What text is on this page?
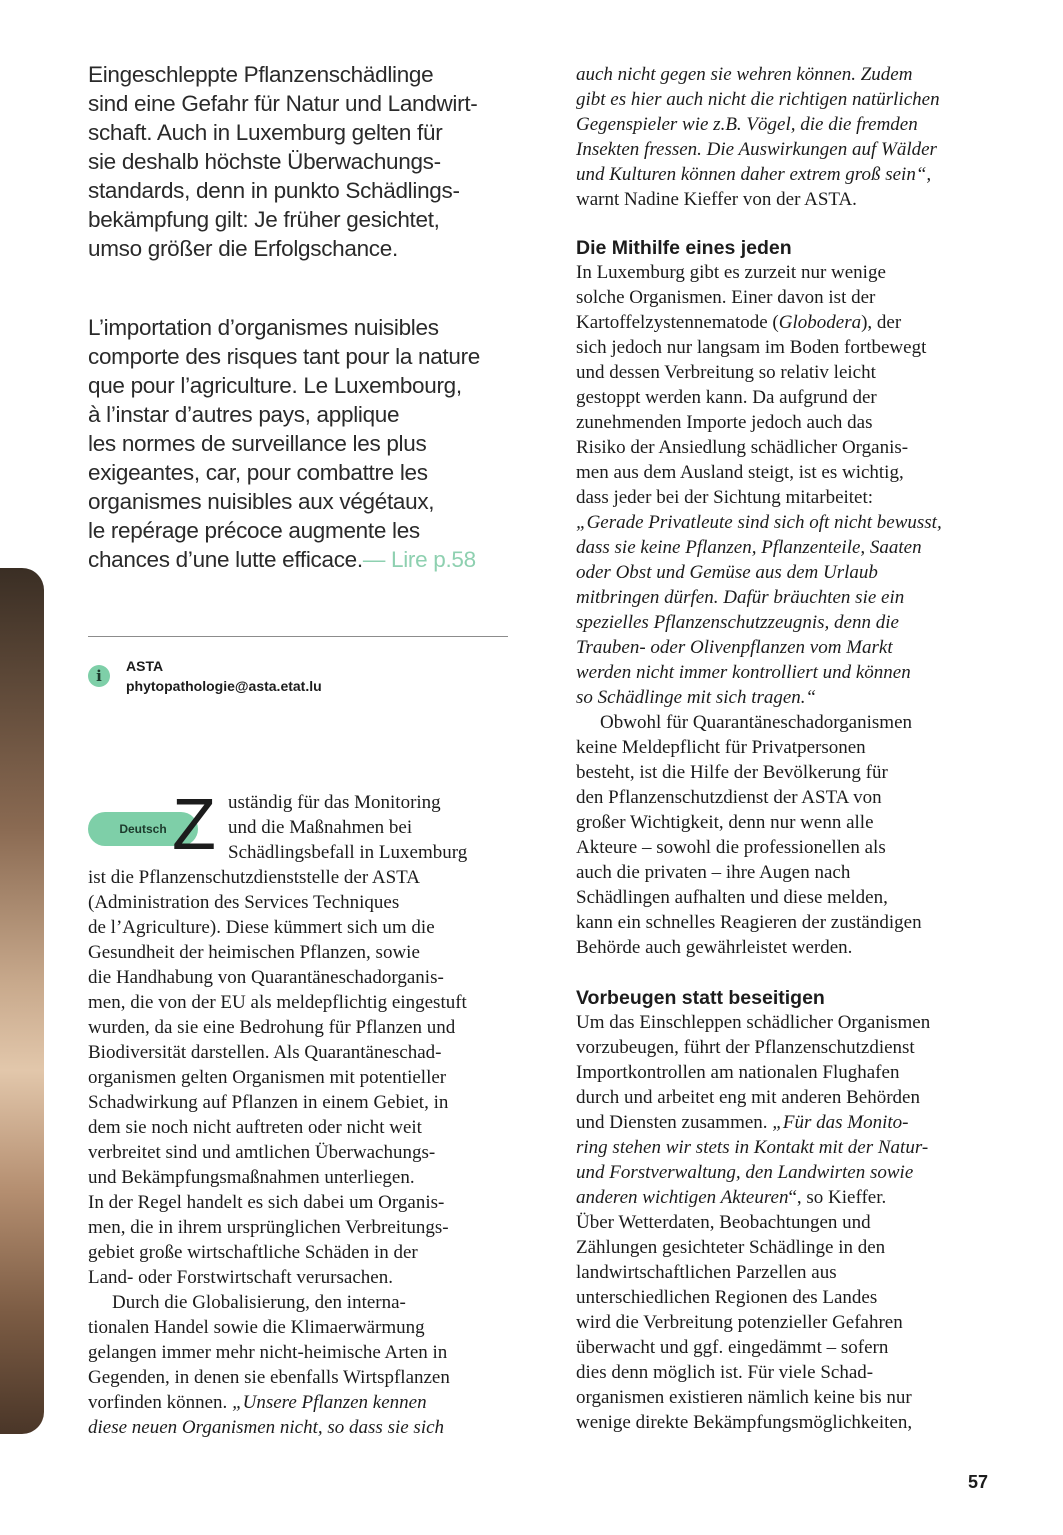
Eingeschleppte Pflanzenschädlinge
sind eine Gefahr für Natur und Landwirt-
schaft. Auch in Luxemburg gelten für
sie deshalb höchste Überwachungs-
standards, denn in punkto Schädlings-
bekämpfung gilt: Je früher gesichtet,
umso größer die Erfolgschance.
L’importation d’organismes nuisibles
comporte des risques tant pour la nature
que pour l’agriculture. Le Luxembourg,
à l’instar d’autres pays, applique
les normes de surveillance les plus
exigeantes, car, pour combattre les
organismes nuisibles aux végétaux,
le repérage précoce augmente les
chances d’une lutte efficace.— Lire p.58
i
ASTA
phytopathologie@asta.etat.lu
Deutsch Z uständig für das Monitoring

und die Maßnahmen bei

Schädlingsbefall in Luxemburg

ist die Pflanzenschutzdienststelle der ASTA

(Administration des Services Techniques

de l’Agriculture). Diese kümmert sich um die

Gesundheit der heimischen Pflanzen, sowie

die Handhabung von Quarantäneschadorganis-

men, die von der EU als meldepflichtig eingestuft

wurden, da sie eine Bedrohung für Pflanzen und

Biodiversität darstellen. Als Quarantäneschad-

organismen gelten Organismen mit potentieller

Schadwirkung auf Pflanzen in einem Gebiet, in

dem sie noch nicht auftreten oder nicht weit

verbreitet sind und amtlichen Überwachungs-

und Bekämpfungsmaßnahmen unterliegen.

In der Regel handelt es sich dabei um Organis-

men, die in ihrem ursprünglichen Verbreitungs-

gebiet große wirtschaftliche Schäden in der

Land- oder Forstwirtschaft verursachen.

Durch die Globalisierung, den interna-

tionalen Handel sowie die Klimaerwärmung

gelangen immer mehr nicht-heimische Arten in

Gegenden, in denen sie ebenfalls Wirtspflanzen

vorfinden können. „Unsere Pflanzen kennen

diese neuen Organismen nicht, so dass sie sich

auch nicht gegen sie wehren können. Zudem

gibt es hier auch nicht die richtigen natürlichen

Gegenspieler wie z.B. Vögel, die die fremden

Insekten fressen. Die Auswirkungen auf Wälder

und Kulturen können daher extrem groß sein“,

warnt Nadine Kieffer von der ASTA.

Die Mithilfe eines jeden

In Luxemburg gibt es zurzeit nur wenige

solche Organismen. Einer davon ist der

Kartoffelzystennematode (Globodera), der

sich jedoch nur langsam im Boden fortbewegt

und dessen Verbreitung so relativ leicht

gestoppt werden kann. Da aufgrund der

zunehmenden Importe jedoch auch das

Risiko der Ansiedlung schädlicher Organis-

men aus dem Ausland steigt, ist es wichtig,

dass jeder bei der Sichtung mitarbeitet:

„Gerade Privatleute sind sich oft nicht bewusst,

dass sie keine Pflanzen, Pflanzenteile, Saaten

oder Obst und Gemüse aus dem Urlaub

mitbringen dürfen. Dafür bräuchten sie ein

spezielles Pflanzenschutzzeugnis, denn die

Trauben- oder Olivenpflanzen vom Markt

werden nicht immer kontrolliert und können

so Schädlinge mit sich tragen.“

Obwohl für Quarantäneschadorganismen

keine Meldepflicht für Privatpersonen

besteht, ist die Hilfe der Bevölkerung für

den Pflanzenschutzdienst der ASTA von

großer Wichtigkeit, denn nur wenn alle

Akteure – sowohl die professionellen als

auch die privaten – ihre Augen nach

Schädlingen aufhalten und diese melden,

kann ein schnelles Reagieren der zuständigen

Behörde auch gewährleistet werden.

Vorbeugen statt beseitigen

Um das Einschleppen schädlicher Organismen

vorzubeugen, führt der Pflanzenschutzdienst

Importkontrollen am nationalen Flughafen

durch und arbeitet eng mit anderen Behörden

und Diensten zusammen. „Für das Monito-

ring stehen wir stets in Kontakt mit der Natur-

und Forstverwaltung, den Landwirten sowie

anderen wichtigen Akteuren“, so Kieffer.

Über Wetterdaten, Beobachtungen und

Zählungen gesichteter Schädlinge in den

landwirtschaftlichen Parzellen aus

unterschiedlichen Regionen des Landes

wird die Verbreitung potenzieller Gefahren

überwacht und ggf. eingedämmt – sofern

dies denn möglich ist. Für viele Schad-

organismen existieren nämlich keine bis nur

wenige direkte Bekämpfungsmöglichkeiten,

57
